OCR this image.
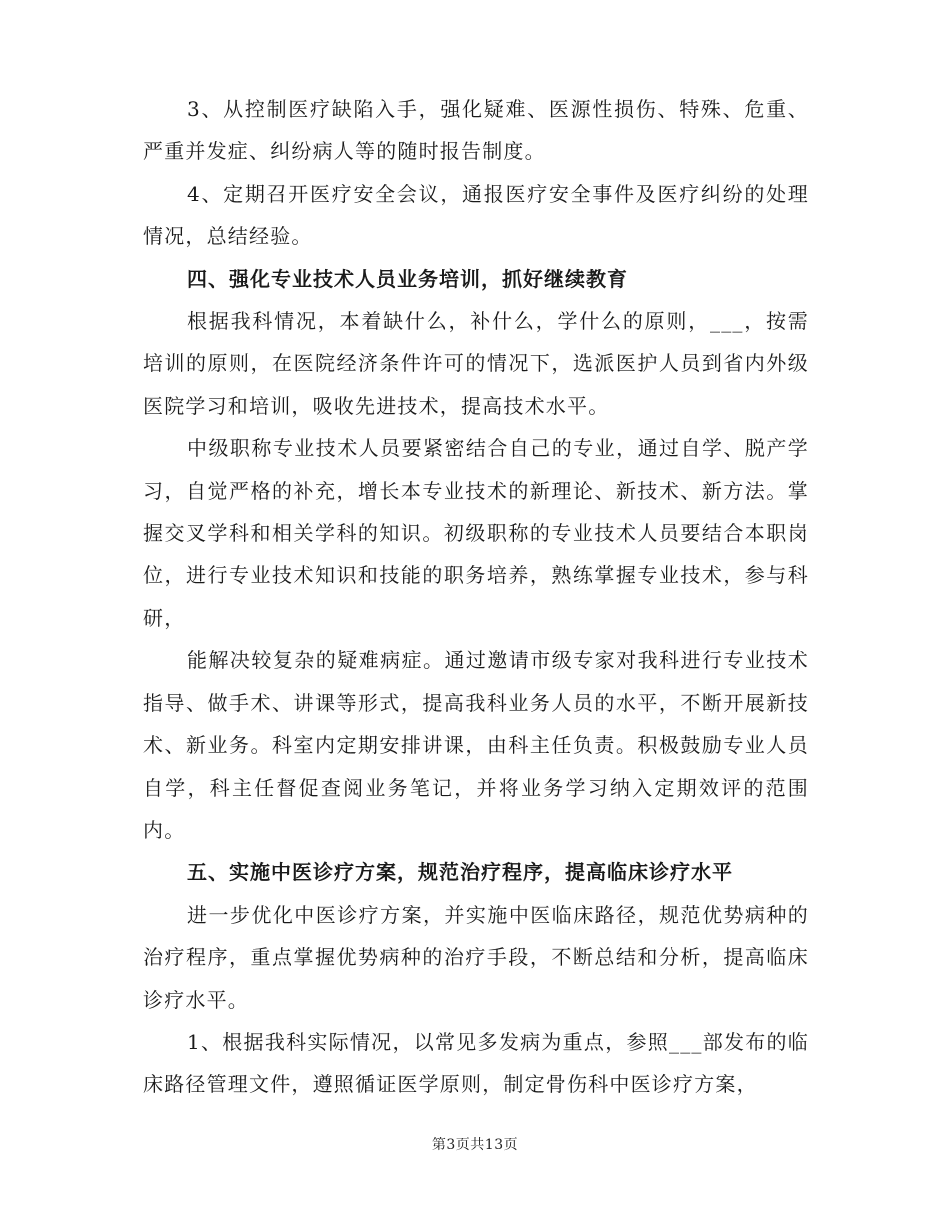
3、从控制医疗缺陷入手，强化疑难、医源性损伤、特殊、危重、严重并发症、纠纷病人等的随时报告制度。

4、定期召开医疗安全会议，通报医疗安全事件及医疗纠纷的处理情况，总结经验。

四、强化专业技术人员业务培训，抓好继续教育

根据我科情况，本着缺什么，补什么，学什么的原则，___，按需培训的原则，在医院经济条件许可的情况下，选派医护人员到省内外级医院学习和培训，吸收先进技术，提高技术水平。

中级职称专业技术人员要紧密结合自己的专业，通过自学、脱产学习，自觉严格的补充，增长本专业技术的新理论、新技术、新方法。掌握交叉学科和相关学科的知识。初级职称的专业技术人员要结合本职岗位，进行专业技术知识和技能的职务培养，熟练掌握专业技术，参与科研，

能解决较复杂的疑难病症。通过邀请市级专家对我科进行专业技术指导、做手术、讲课等形式，提高我科业务人员的水平，不断开展新技术、新业务。科室内定期安排讲课，由科主任负责。积极鼓励专业人员自学，科主任督促查阅业务笔记，并将业务学习纳入定期效评的范围内。

五、实施中医诊疗方案，规范治疗程序，提高临床诊疗水平

进一步优化中医诊疗方案，并实施中医临床路径，规范优势病种的治疗程序，重点掌握优势病种的治疗手段，不断总结和分析，提高临床诊疗水平。

1、根据我科实际情况，以常见多发病为重点，参照___部发布的临床路径管理文件，遵照循证医学原则，制定骨伤科中医诊疗方案，

第3页共13页
